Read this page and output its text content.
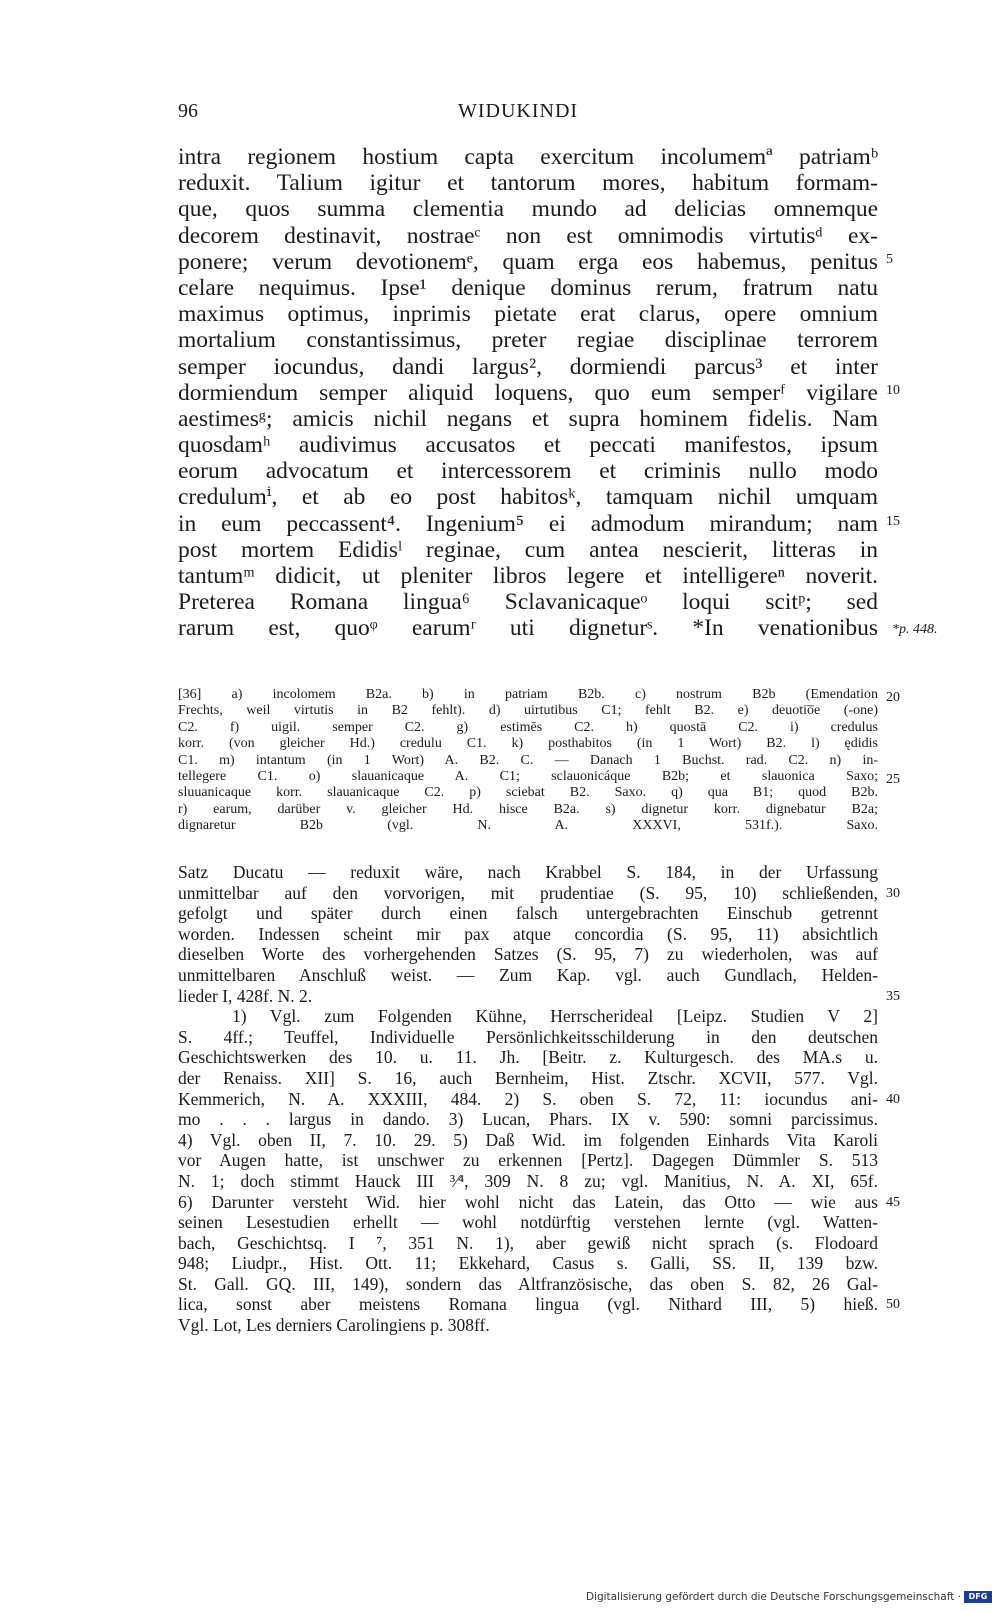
96	WIDUKINDI
intra regionem hostium capta exercitum incolumemª patriamᵇ
reduxit. Talium igitur et tantorum mores, habitum formam-
que, quos summa clementia mundo ad delicias omnemque
decorem destinavit, nostraeᶜ non est omnimodis virtutisᵈ ex-
ponere; verum devotionemᵉ, quam erga eos habemus, penitus 5
celare nequimus. Ipse¹ denique dominus rerum, fratrum natu
maximus optimus, inprimis pietate erat clarus, opere omnium
mortalium constantissimus, preter regiae disciplinae terrorem
semper iocundus, dandi largus², dormiendi parcus³ et inter
dormiendum semper aliquid loquens, quo eum semperᶠ vigilare 10
aestimesᵍ; amicis nichil negans et supra hominem fidelis. Nam
quosdamʰ audivimus accusatos et peccati manifestos, ipsum
eorum advocatum et intercessorem et criminis nullo modo
credulumⁱ, et ab eo post habitosᵏ, tamquam nichil umquam
in eum peccassent⁴. Ingenium⁵ ei admodum mirandum; nam 15
post mortem Edidisˡ reginae, cum antea nescierit, litteras in
tantumᵐ didicit, ut pleniter libros legere et intelligereⁿ noverit.
Preterea Romana lingua⁶ Sclavanicaqueᵒ loqui scitᵖ; sed
rarum est, quoᵠ earumʳ uti digneturˢ. *In venationibus *p. 448.
[36] a) incolomem B2a. b) in patriam B2b. c) nostrum B2b (Emendation 20
Frechts, weil virtutis in B2 fehlt). d) uirtutibus C1; fehlt B2. e) deuotio̅e (-one)
C2. f) uigil. semper C2. g) estimēs C2. h) quostā C2. i) credulus
korr. (von gleicher Hd.) credulu C1. k) posthabitos (in 1 Wort) B2. l) ędidis
C1. m) intantum (in 1 Wort) A. B2. C. — Danach 1 Buchst. rad. C2. n) in-
tellegere C1. o) slauanicaque A. C1; sclauonicáque B2b; et slauonica Saxo; 25
sluuanicaque korr. slauanicaque C2. p) sciebat B2. Saxo. q) qua B1; quod B2b.
r) earum, darüber v. gleicher Hd. hisce B2a. s) dignetur korr. dignebatur B2a;
dignaretur B2b (vgl. N. A. XXXVI, 531f.). Saxo.
Satz Ducatu — reduxit wäre, nach Krabbel S. 184, in der Urfassung
unmittelbar auf den vorvorigen, mit prudentiae (S. 95, 10) schließenden, 30
gefolgt und später durch einen falsch untergebrachten Einschub getrennt
worden. Indessen scheint mir pax atque concordia (S. 95, 11) absichtlich
dieselben Worte des vorhergehenden Satzes (S. 95, 7) zu wiederholen, was auf
unmittelbaren Anschluß weist. — Zum Kap. vgl. auch Gundlach, Helden-
lieder I, 428f. N. 2.	35
1) Vgl. zum Folgenden Kühne, Herrscherideal [Leipz. Studien V 2]
S. 4ff.; Teuffel, Individuelle Persönlichkeitsschilderung in den deutschen
Geschichtswerken des 10. u. 11. Jh. [Beitr. z. Kulturgesch. des MA.s u.
der Renaiss. XII] S. 16, auch Bernheim, Hist. Ztschr. XCVII, 577. Vgl.
Kemmerich, N. A. XXXIII, 484. 2) S. oben S. 72, 11: iocundus ani- 40
mo . . . largus in dando. 3) Lucan, Phars. IX v. 590: somni parcissimus.
4) Vgl. oben II, 7. 10. 29. 5) Daß Wid. im folgenden Einhards Vita Karoli
vor Augen hatte, ist unschwer zu erkennen [Pertz]. Dagegen Dümmler S. 513
N. 1; doch stimmt Hauck III ³⁄⁴, 309 N. 8 zu; vgl. Manitius, N. A. XI, 65f.
6) Darunter versteht Wid. hier wohl nicht das Latein, das Otto — wie aus 45
seinen Lesestudien erhellt — wohl notdürftig verstehen lernte (vgl. Watten-
bach, Geschichtsq. I ⁷, 351 N. 1), aber gewiß nicht sprach (s. Flodoard
948; Liudpr., Hist. Ott. 11; Ekkehard, Casus s. Galli, SS. II, 139 bzw.
St. Gall. GQ. III, 149), sondern das Altfranzösische, das oben S. 82, 26 Gal-
lica, sonst aber meistens Romana lingua (vgl. Nithard III, 5) hieß. 50
Vgl. Lot, Les derniers Carolingiens p. 308ff.
Digitalisierung gefördert durch die Deutsche Forschungsgemeinschaft · DFG
